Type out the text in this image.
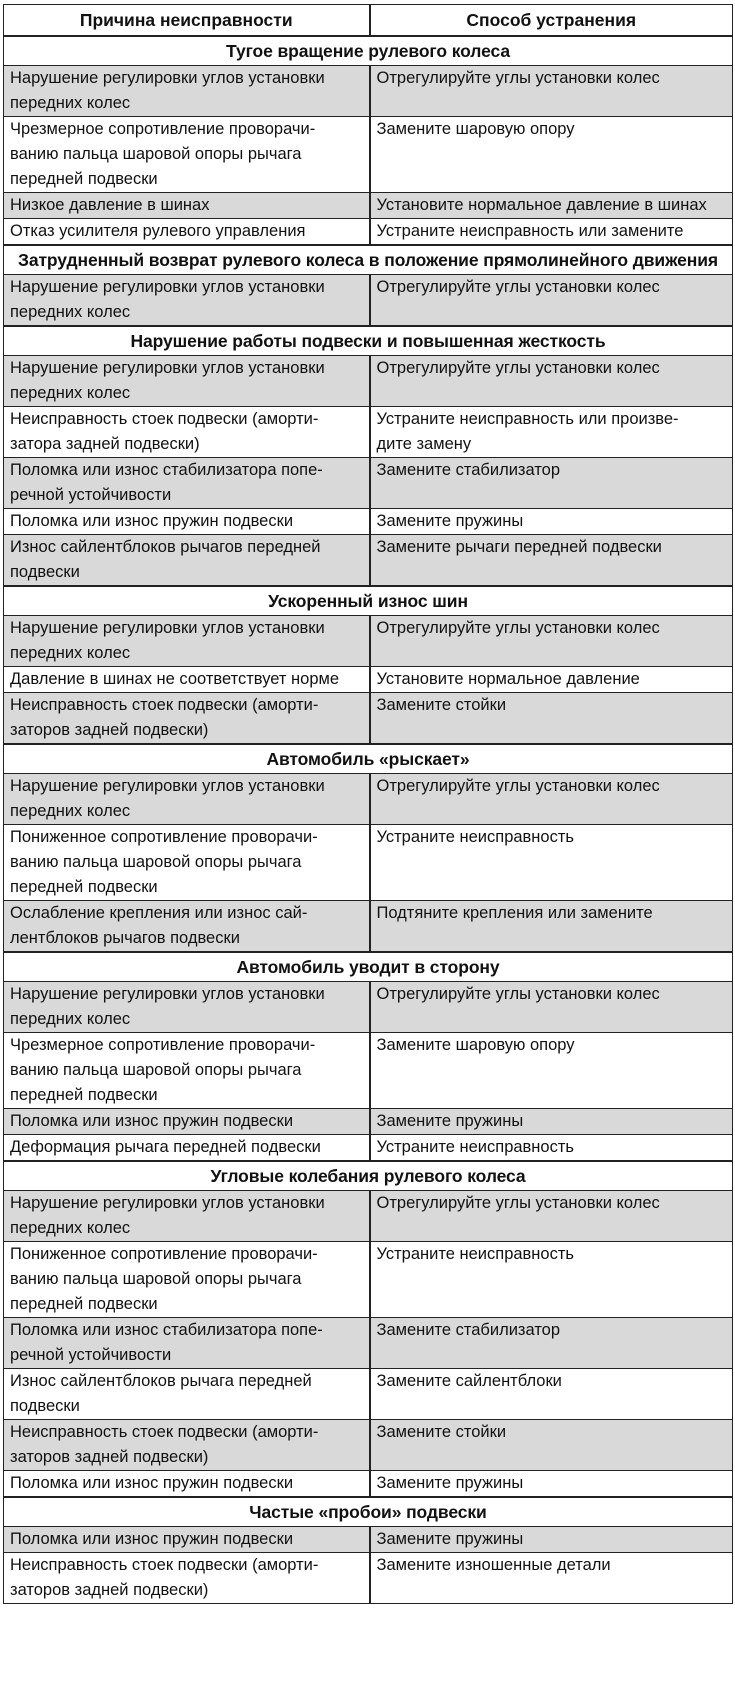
Причина неисправности	Способ устранения
Тугое вращение рулевого колеса	

Нарушение регулировки углов установки
передних колес	Отрегулируйте углы установки колес

Чрезмерное сопротивление проворачи-
ванию пальца шаровой опоры рычага
передней подвески	Замените шаровую опору

Низкое давление в шинах	Установите нормальное давление в шинах

Отказ усилителя рулевого управления	Устраните неисправность или замените

Затрудненный возврат рулевого колеса в положение прямолинейного движения	

Нарушение регулировки углов установки
передних колес	Отрегулируйте углы установки колес

Нарушение работы подвески и повышенная жесткость	

Нарушение регулировки углов установки
передних колес	Отрегулируйте углы установки колес

Неисправность стоек подвески (аморти-
затора задней подвески)	Устраните неисправность или произве-
дите замену

Поломка или износ стабилизатора попе-
речной устойчивости	Замените стабилизатор

Поломка или износ пружин подвески	Замените пружины

Износ сайлентблоков рычагов передней
подвески	Замените рычаги передней подвески

Ускоренный износ шин	

Нарушение регулировки углов установки
передних колес	Отрегулируйте углы установки колес

Давление в шинах не соответствует норме	Установите нормальное давление

Неисправность стоек подвески (аморти-
заторов задней подвески)	Замените стойки

Автомобиль «рыскает»	

Нарушение регулировки углов установки
передних колес	Отрегулируйте углы установки колес

Пониженное сопротивление проворачи-
ванию пальца шаровой опоры рычага
передней подвески	Устраните неисправность

Ослабление крепления или износ сай-
лентблоков рычагов подвески	Подтяните крепления или замените

Автомобиль уводит в сторону	

Нарушение регулировки углов установки
передних колес	Отрегулируйте углы установки колес

Чрезмерное сопротивление проворачи-
ванию пальца шаровой опоры рычага
передней подвески	Замените шаровую опору

Поломка или износ пружин подвески	Замените пружины

Деформация рычага передней подвески	Устраните неисправность

Угловые колебания рулевого колеса	

Нарушение регулировки углов установки
передних колес	Отрегулируйте углы установки колес

Пониженное сопротивление проворачи-
ванию пальца шаровой опоры рычага
передней подвески	Устраните неисправность

Поломка или износ стабилизатора попе-
речной устойчивости	Замените стабилизатор

Износ сайлентблоков рычага передней
подвески	Замените сайлентблоки

Неисправность стоек подвески (аморти-
заторов задней подвески)	Замените стойки

Поломка или износ пружин подвески	Замените пружины

Частые «пробои» подвески	

Поломка или износ пружин подвески	Замените пружины

Неисправность стоек подвески (аморти-
заторов задней подвески)	Замените изношенные детали
